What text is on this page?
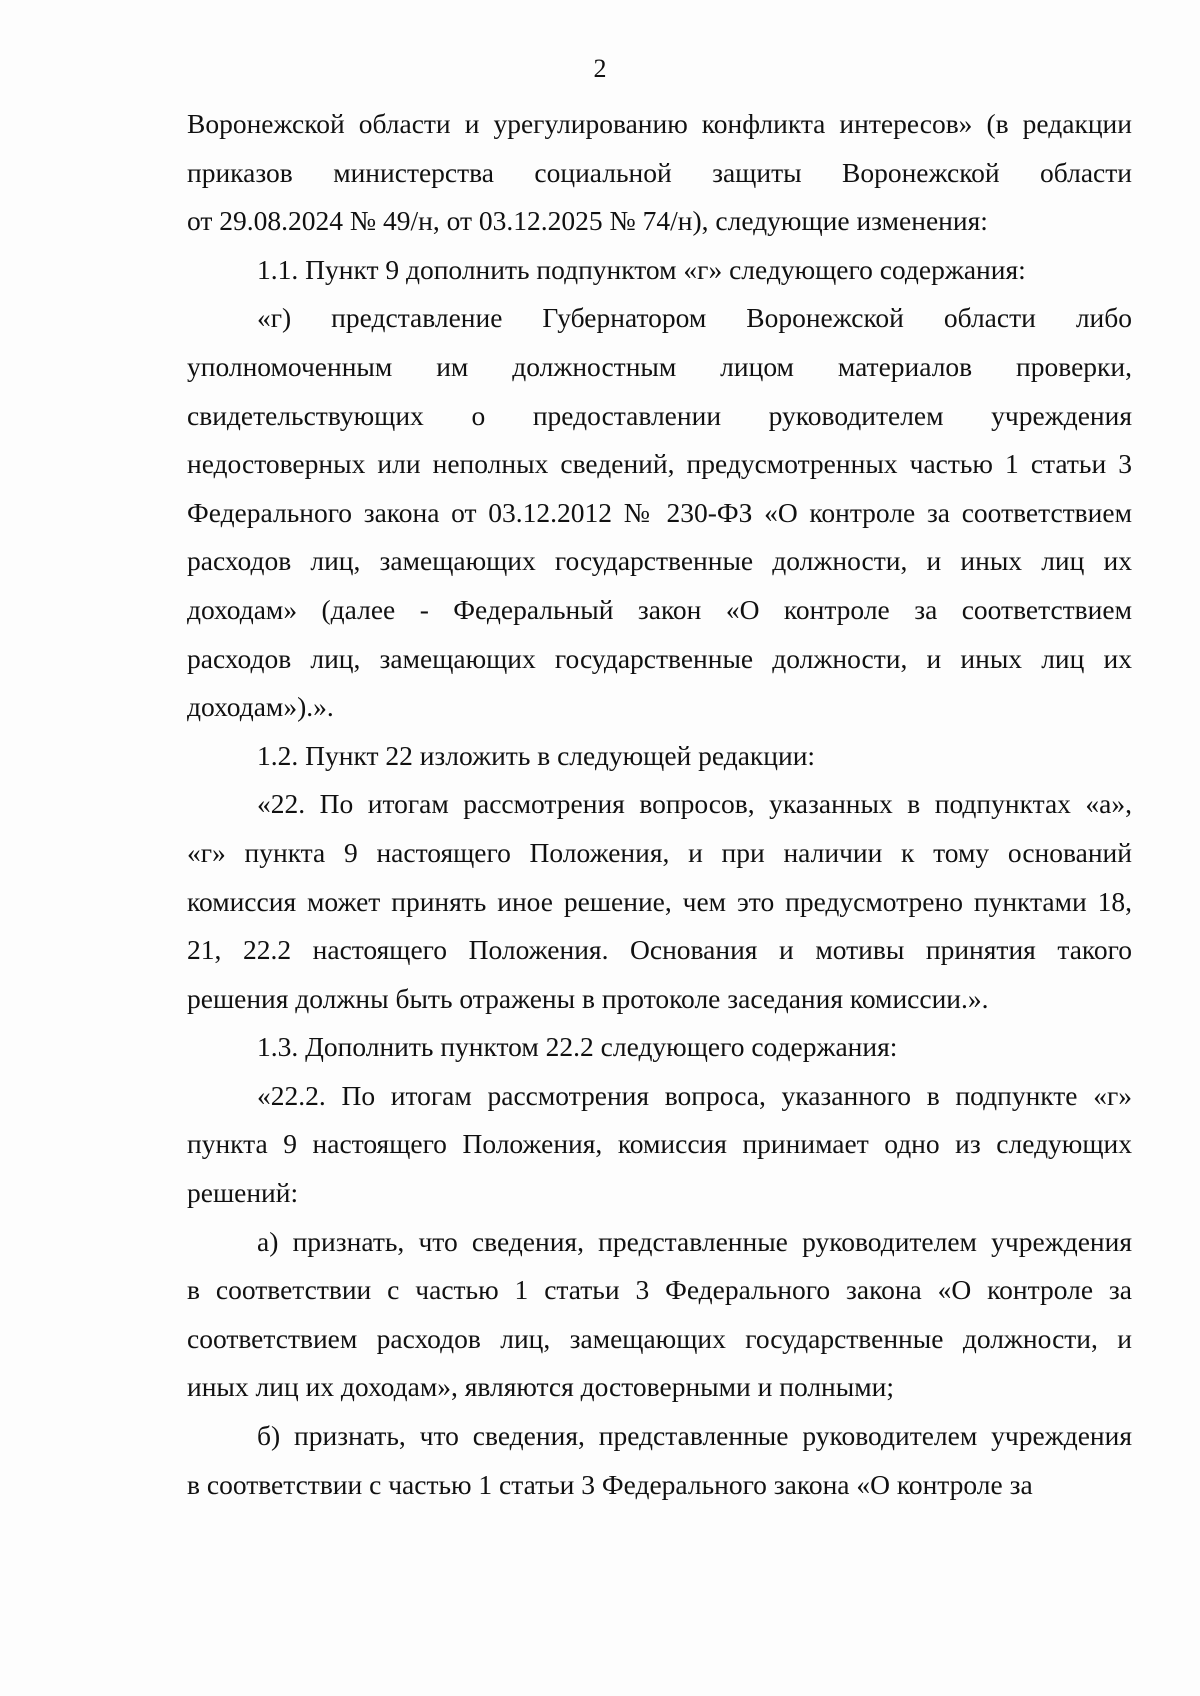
2
Воронежской области и урегулированию конфликта интересов» (в редакции
приказов министерства социальной защиты Воронежской области
от 29.08.2024 № 49/н, от 03.12.2025 № 74/н), следующие изменения:
1.1. Пункт 9 дополнить подпунктом «г» следующего содержания:
«г) представление Губернатором Воронежской области либо
уполномоченным им должностным лицом материалов проверки,
свидетельствующих о предоставлении руководителем учреждения
недостоверных или неполных сведений, предусмотренных частью 1 статьи 3
Федерального закона от 03.12.2012 № 230-ФЗ «О контроле за соответствием
расходов лиц, замещающих государственные должности, и иных лиц их
доходам» (далее - Федеральный закон «О контроле за соответствием
расходов лиц, замещающих государственные должности, и иных лиц их
доходам»).».
1.2. Пункт 22 изложить в следующей редакции:
«22. По итогам рассмотрения вопросов, указанных в подпунктах «а»,
«г» пункта 9 настоящего Положения, и при наличии к тому оснований
комиссия может принять иное решение, чем это предусмотрено пунктами 18,
21, 22.2 настоящего Положения. Основания и мотивы принятия такого
решения должны быть отражены в протоколе заседания комиссии.».
1.3. Дополнить пунктом 22.2 следующего содержания:
«22.2. По итогам рассмотрения вопроса, указанного в подпункте «г»
пункта 9 настоящего Положения, комиссия принимает одно из следующих
решений:
а) признать, что сведения, представленные руководителем учреждения
в соответствии с частью 1 статьи 3 Федерального закона «О контроле за
соответствием расходов лиц, замещающих государственные должности, и
иных лиц их доходам», являются достоверными и полными;
б) признать, что сведения, представленные руководителем учреждения
в соответствии с частью 1 статьи 3 Федерального закона «О контроле за
